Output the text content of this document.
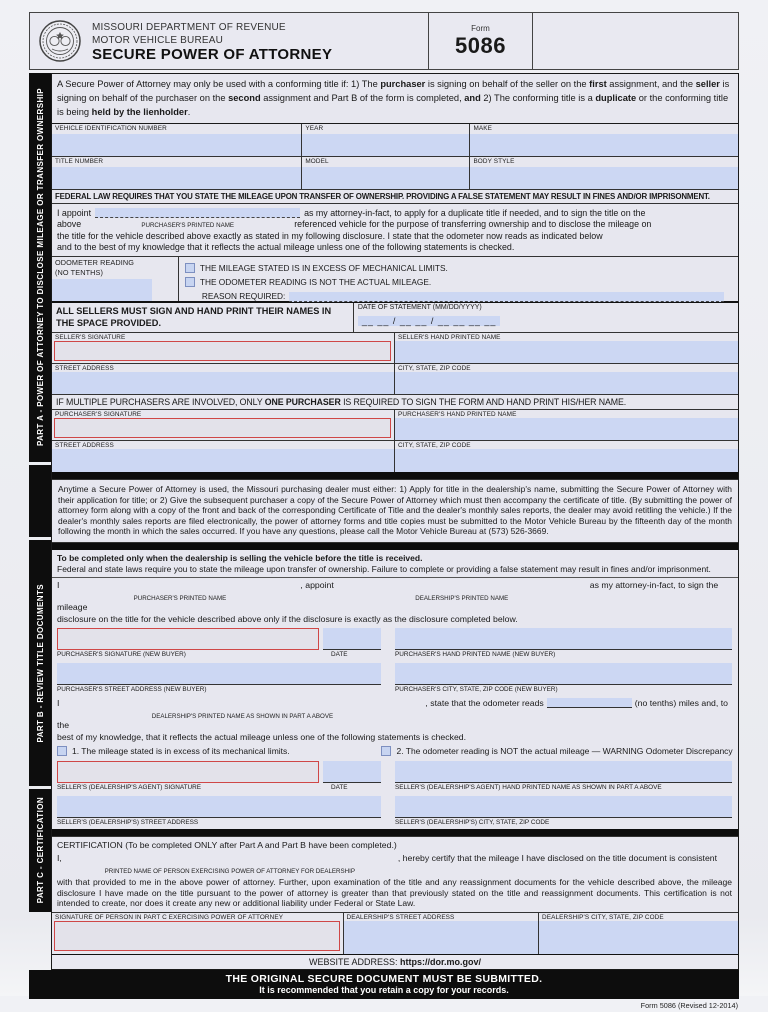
MISSOURI DEPARTMENT OF REVENUE
MOTOR VEHICLE BUREAU
SECURE POWER OF ATTORNEY
Form
5086
PART A - POWER OF ATTORNEY TO DISCLOSE MILEAGE OR TRANSFER OWNERSHIP
PART B - REVIEW TITLE DOCUMENTS
PART C - CERTIFICATION
A Secure Power of Attorney may only be used with a conforming title if: 1) The purchaser is signing on behalf of the seller on the first assignment, and the seller is signing on behalf of the purchaser on the second assignment and Part B of the form is completed, and 2) The conforming title is a duplicate or the conforming title is being held by the lienholder.
VEHICLE IDENTIFICATION NUMBER	YEAR	MAKE
TITLE NUMBER	MODEL	BODY STYLE
FEDERAL LAW REQUIRES THAT YOU STATE THE MILEAGE UPON TRANSFER OF OWNERSHIP. PROVIDING A FALSE STATEMENT MAY RESULT IN FINES AND/OR IMPRISONMENT.
I appoint	as my attorney-in-fact, to apply for a duplicate title if needed, and to sign the title on the
above	PURCHASER'S PRINTED NAME	referenced vehicle for the purpose of transferring ownership and to disclose the mileage on
the title for the vehicle described above exactly as stated in my following disclosure. I state that the odometer now reads as indicated below
and to the best of my knowledge that it reflects the actual mileage unless one of the following statements is checked.
ODOMETER READING
(NO TENTHS)	THE MILEAGE STATED IS IN EXCESS OF MECHANICAL LIMITS.
THE ODOMETER READING IS NOT THE ACTUAL MILEAGE.
REASON REQUIRED:
ALL SELLERS MUST SIGN AND HAND PRINT THEIR NAMES IN
THE SPACE PROVIDED.
DATE OF STATEMENT (MM/DD/YYYY)
__ __ / __ __ / __ __ __ __
SELLER'S SIGNATURE	SELLER'S HAND PRINTED NAME
STREET ADDRESS	CITY, STATE, ZIP CODE
IF MULTIPLE PURCHASERS ARE INVOLVED, ONLY ONE PURCHASER IS REQUIRED TO SIGN THE FORM AND HAND PRINT HIS/HER NAME.
PURCHASER'S SIGNATURE	PURCHASER'S HAND PRINTED NAME
STREET ADDRESS	CITY, STATE, ZIP CODE
Anytime a Secure Power of Attorney is used, the Missouri purchasing dealer must either: 1) Apply for title in the dealership's name, submitting the Secure Power of Attorney with their application for title; or 2) Give the subsequent purchaser a copy of the Secure Power of Attorney which must then accompany the certificate of title. (By submitting the power of attorney form along with a copy of the front and back of the corresponding Certificate of Title and the dealer's monthly sales reports, the dealer may avoid retitling the vehicle.) If the dealer's monthly sales reports are filed electronically, the power of attorney forms and title copies must be submitted to the Motor Vehicle Bureau by the fifteenth day of the month following the month in which the sales occurred. If you have any questions, please call the Motor Vehicle Bureau at (573) 526-3669.
To be completed only when the dealership is selling the vehicle before the title is received.
Federal and state laws require you to state the mileage upon transfer of ownership. Failure to complete or providing a false statement may result in fines and/or imprisonment.
IPURCHASER'S PRINTED NAME, appointDEALERSHIP'S PRINTED NAMEas my attorney-in-fact, to sign the mileage
disclosure on the title for the vehicle described above only if the disclosure is exactly as the disclosure completed below.
PURCHASER'S SIGNATURE (NEW BUYER)	DATE	PURCHASER'S HAND PRINTED NAME (NEW BUYER)
PURCHASER'S STREET ADDRESS (NEW BUYER)	PURCHASER'S CITY, STATE, ZIP CODE (NEW BUYER)
IDEALERSHIP'S PRINTED NAME AS SHOWN IN PART A ABOVE, state that the odometer reads	(no tenths) miles and, to the
best of my knowledge, that it reflects the actual mileage unless one of the following statements is checked.
1. The mileage stated is in excess of its mechanical limits.	2. The odometer reading is NOT the actual mileage — WARNING Odometer Discrepancy
SELLER'S (DEALERSHIP'S AGENT) SIGNATURE	DATE	SELLER'S (DEALERSHIP'S AGENT) HAND PRINTED NAME AS SHOWN IN PART A ABOVE
SELLER'S (DEALERSHIP'S) STREET ADDRESS	SELLER'S (DEALERSHIP'S) CITY, STATE, ZIP CODE
CERTIFICATION (To be completed ONLY after Part A and Part B have been completed.)
I,PRINTED NAME OF PERSON EXERCISING POWER OF ATTORNEY FOR DEALERSHIP, hereby certify that the mileage I have disclosed on the title document is consistent
with that provided to me in the above power of attorney. Further, upon examination of the title and any reassignment documents for the vehicle described above, the mileage disclosure I have made on the title pursuant to the power of attorney is greater than that previously stated on the title and reassignment documents. This certification is not intended to create, nor does it create any new or additional liability under Federal or State Law.
SIGNATURE OF PERSON IN PART C EXERCISING POWER OF ATTORNEY	DEALERSHIP'S STREET ADDRESS	DEALERSHIP'S CITY, STATE, ZIP CODE
WEBSITE ADDRESS: https://dor.mo.gov/
THE ORIGINAL SECURE DOCUMENT MUST BE SUBMITTED.
It is recommended that you retain a copy for your records.
Form 5086 (Revised 12-2014)
